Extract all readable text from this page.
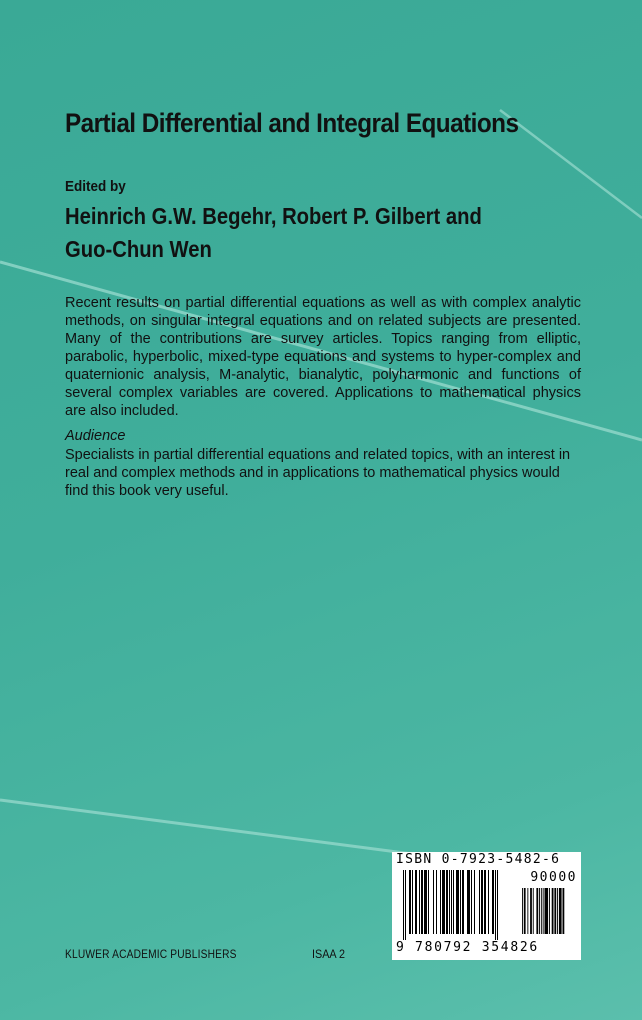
Partial Differential and Integral Equations
Edited by
Heinrich G.W. Begehr, Robert P. Gilbert and
Guo-Chun Wen
Recent results on partial differential equations as well as with complex analytic methods, on singular integral equations and on related subjects are presented. Many of the contributions are survey articles. Topics ranging from elliptic, parabolic, hyperbolic, mixed-type equations and systems to hyper-complex and quaternionic analysis, M-analytic, bianalytic, polyharmonic and functions of several complex variables are covered. Applications to mathematical physics are also included.
Audience
Specialists in partial differential equations and related topics, with an interest in real and complex methods and in applications to mathematical physics would find this book very useful.
KLUWER ACADEMIC PUBLISHERS	ISAA 2
ISBN 0-7923-5482-6
90000
9 780792 354826
